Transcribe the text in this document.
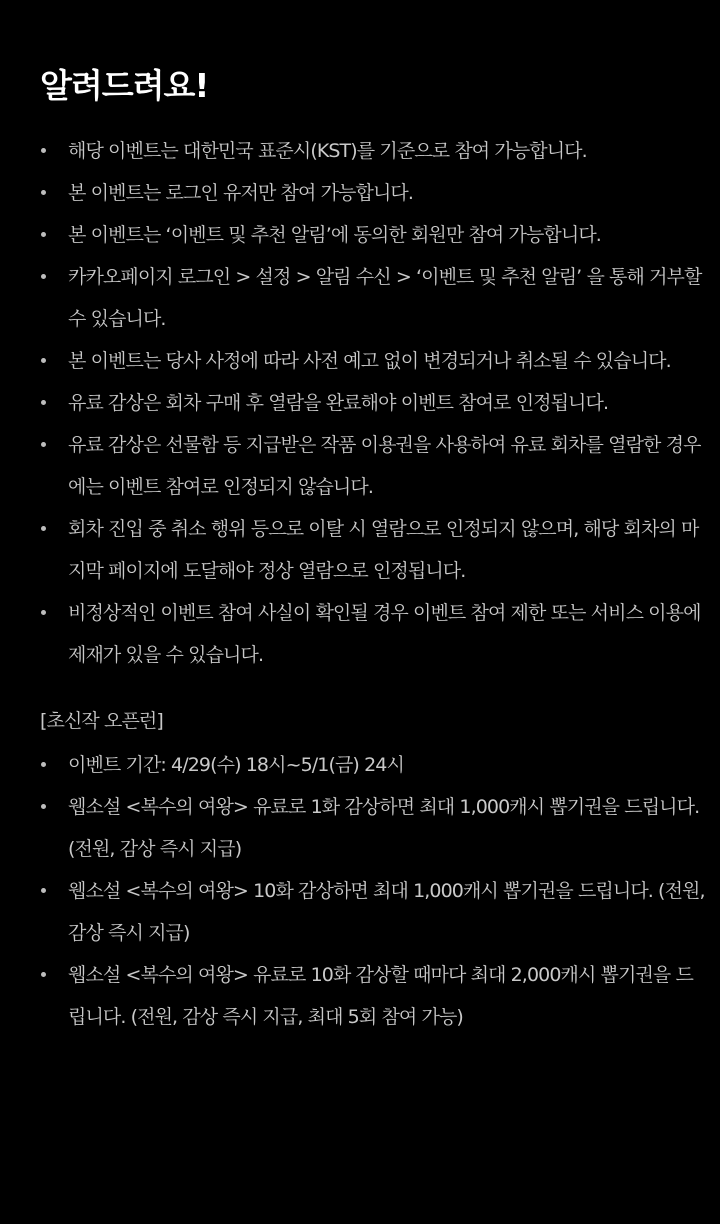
알려드려요!
해당 이벤트는 대한민국 표준시(KST)를 기준으로 참여 가능합니다.
본 이벤트는 로그인 유저만 참여 가능합니다.
본 이벤트는 ‘이벤트 및 추천 알림’에 동의한 회원만 참여 가능합니다.
카카오페이지 로그인 > 설정 > 알림 수신 > ‘이벤트 및 추천 알림’ 을 통해 거부할 수 있습니다.
본 이벤트는 당사 사정에 따라 사전 예고 없이 변경되거나 취소될 수 있습니다.
유료 감상은 회차 구매 후 열람을 완료해야 이벤트 참여로 인정됩니다.
유료 감상은 선물함 등 지급받은 작품 이용권을 사용하여 유료 회차를 열람한 경우에는 이벤트 참여로 인정되지 않습니다.
회차 진입 중 취소 행위 등으로 이탈 시 열람으로 인정되지 않으며, 해당 회차의 마지막 페이지에 도달해야 정상 열람으로 인정됩니다.
비정상적인 이벤트 참여 사실이 확인될 경우 이벤트 참여 제한 또는 서비스 이용에 제재가 있을 수 있습니다.
[초신작 오픈런]
이벤트 기간: 4/29(수) 18시~5/1(금) 24시
웹소설 <복수의 여왕> 유료로 1화 감상하면 최대 1,000캐시 뽑기권을 드립니다. (전원, 감상 즉시 지급)
웹소설 <복수의 여왕> 10화 감상하면 최대 1,000캐시 뽑기권을 드립니다. (전원, 감상 즉시 지급)
웹소설 <복수의 여왕> 유료로 10화 감상할 때마다 최대 2,000캐시 뽑기권을 드립니다. (전원, 감상 즉시 지급, 최대 5회 참여 가능)
